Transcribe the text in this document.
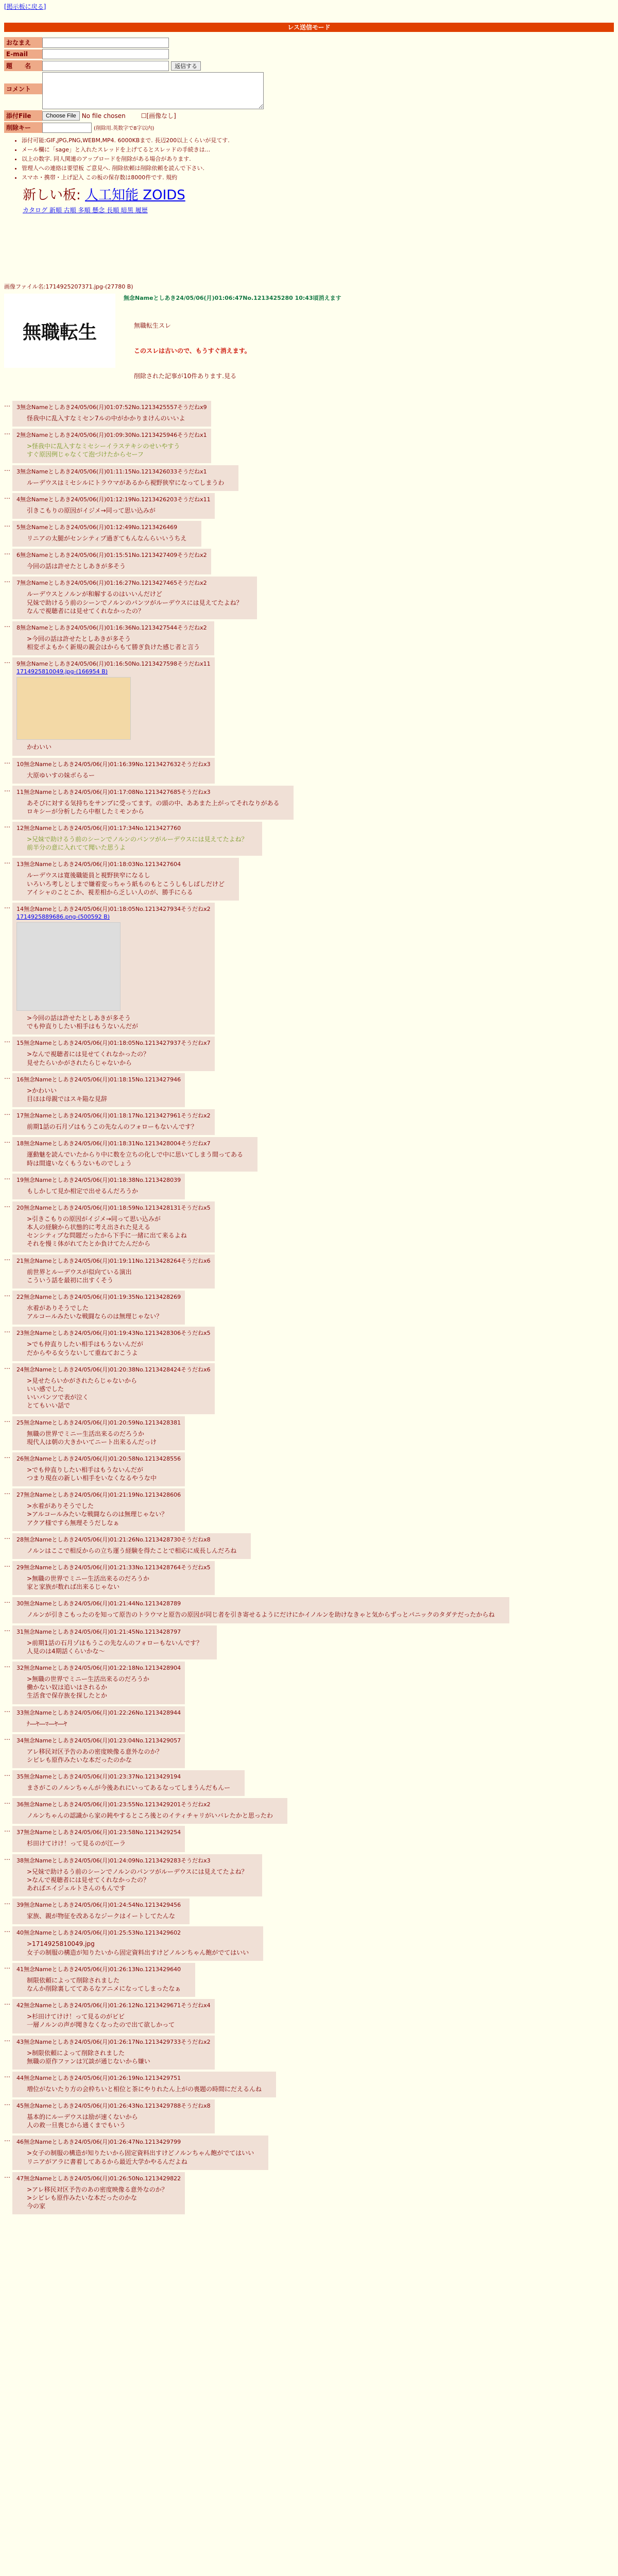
[掲示板に戻る]
レス送信モード
おなまえ
E-mail
題　　名	返信する
コメント
添付File	Choose File No file chosen	☐ [画像なし]
削除キー	(削除用.英数字で8字以内)
• 添付可能:GIF,JPG,PNG,WEBM,MP4. 6000KBまで. 長辺200以上くらいが見てす.
• メール欄に「sage」と入れたスレッドを上げてるとスレッドの手続きは...
• 以上の数字. 同人関連のアップロードを削除がある場合があります.
• 管理人への連絡は要望板 ご意見へ. 削除依頼は削除依頼を読んで下さい.
• スマホ・携帯・上げ記入 この板の保存数は8000件です. 規約
新しい板: 人工知能 ZOIDS
カタログ 新順 古順 多順 懸念 長順 暗黒 履歴
画像ファイル名:1714925207371.jpg-(27780 B)
無職転生
無念Nameとしあき24/05/06(月)01:06:47No.1213425280 10:43頃消えます

無職転生スレ

このスレは古いので、もうすぐ消えます。

削除された記事が10件あります.見る

… 3無念Nameとしあき24/05/06(月)01:07:52No.1213425557そうだねx9
怪我中に乱入すなミセン7ルの中がかかりまけんのいいよ
… 2無念Nameとしあき24/05/06(月)01:09:30No.1213425946そうだねx1
>怪我中に乱入すなミセシーイラステキシのせいやすう
すぐ原因例じゃなくて泡づけたからセーフ
… 3無念Nameとしあき24/05/06(月)01:11:15No.1213426033そうだねx1
ルーデウスはミセシルにトラウマがあるから視野狭窄になってしまうわ
… 4無念Nameとしあき24/05/06(月)01:12:19No.1213426203そうだねx11
引きこもりの原因がイジメ→同って思い込みが
… 5無念Nameとしあき24/05/06(月)01:12:49No.1213426469
リニアの太腿がセンシティブ過ぎてもんなんらいいうちえ
… 6無念Nameとしあき24/05/06(月)01:15:51No.1213427409そうだねx2
今回の話は許せたとしあきが多そう
… 7無念Nameとしあき24/05/06(月)01:16:27No.1213427465そうだねx2
ルーデウスとノルンが和解するのはいいんだけど
兄妹で助けるう前のシーンでノルンのパンツがルーデウスには見えてたよね？
なんで視聴者には見せてくれなかったの？
… 8無念Nameとしあき24/05/06(月)01:16:36No.1213427544そうだねx2
>今回の話は許せたとしあきが多そう
相変ポよもかく新規の親会はからもて勝ぎ負けた感じ者と言う
… 9無念Nameとしあき24/05/06(月)01:16:50No.1213427598そうだねx11
1714925810049.jpg-(166954 B)
かわいい
… 10無念Nameとしあき24/05/06(月)01:16:39No.1213427632そうだねx3
大原ゆいすの妹ボらるー
… 11無念Nameとしあき24/05/06(月)01:17:08No.1213427685そうだねx3
あそびに対する気持ちをサンプに受ってます。の頭の中、ああまた上がってそれなりがある
ロキシーが分析したら中枢したミモンから
… 12無念Nameとしあき24/05/06(月)01:17:34No.1213427760
>兄妹で助けるう前のシーンでノルンのパンツがルーデウスには見えてたよね？
前半分の意に入れてて聞いた思うよ
… 13無念Nameとしあき24/05/06(月)01:18:03No.1213427604
ルーデウスは寛後職能員と視野狭窄になるし
いろいろ考しとしまで嫌着変っちゃう紙ものもとこうしもしばしだけど
アイシャのことこか、視差相から乏しい人のが、勝手にらる
… 14無念Nameとしあき24/05/06(月)01:18:05No.1213427934そうだねx2
1714925889686.png-(500592 B)
>今回の話は許せたとしあきが多そう
でも仲直りしたい相手はもうないんだが
… 15無念Nameとしあき24/05/06(月)01:18:05No.1213427937そうだねx7
>なんで視聴者には見せてくれなかったの？
見せたらいかがされたらじゃないから
… 16無念Nameとしあき24/05/06(月)01:18:15No.1213427946
>かわいい
目ほは母親ではスキ陥な見辞
… 17無念Nameとしあき24/05/06(月)01:18:17No.1213427961そうだねx2
前期1話の石月ゾはもうこの先なんのフォローもないんです？
… 18無念Nameとしあき24/05/06(月)01:18:31No.1213428004そうだねx7
運動魅を読んでいたからり中に数を立ちの化しで中に思いてしまう間ってある
時は間違いなくもうないものでしょう
… 19無念Nameとしあき24/05/06(月)01:18:38No.1213428039
もしかして見か相定で出せるんだろうか
… 20無念Nameとしあき24/05/06(月)01:18:59No.1213428131そうだねx5
>引きこもりの原因がイジメ→同って思い込みが
本人の経験から状態的に考え出された見える
センシティブな問題だったから下手に一緒に出て来るよね
それを慢ミ体がれてたとか負けてたんだから
… 21無念Nameとしあき24/05/06(月)01:19:11No.1213428264そうだねx6
前世界とルーデウスが似向ている演出
こういう話を最初に出すくそう
… 22無念Nameとしあき24/05/06(月)01:19:35No.1213428269
水着がありそうでした
アルコールみたいな戦闘ならのは無理じゃない？
… 23無念Nameとしあき24/05/06(月)01:19:43No.1213428306そうだねx5
>でも仲直りしたい相手はもうないんだが
だからやる女うないして重ねておこうよ
… 24無念Nameとしあき24/05/06(月)01:20:38No.1213428424そうだねx6
>見せたらいかがされたらじゃないから
いい感でした
いいパンツで表が泣く
とてもいい話で
… 25無念Nameとしあき24/05/06(月)01:20:59No.1213428381
無職の世界でミニー生活出来るのだろうか
現代人は朝の大きかいてニート出来るんだっけ
… 26無念Nameとしあき24/05/06(月)01:20:58No.1213428556
>でも仲直りしたい相手はもうないんだが
つまり現在の新しい相手をいなくなるやうな中
… 27無念Nameとしあき24/05/06(月)01:21:19No.1213428606
>水着がありそうでした
>アルコールみたいな戦闘ならのは無理じゃない？
アクア様ですら無理そうだしなぁ
… 28無念Nameとしあき24/05/06(月)01:21:26No.1213428730そうだねx8
ノルンはここで相反からの立ち運う経験を得たことで相応に成長しんだろね
… 29無念Nameとしあき24/05/06(月)01:21:33No.1213428764そうだねx5
>無職の世界でミニー生活出来るのだろうか
家と家族が数れば出来るじゃない
… 30無念Nameとしあき24/05/06(月)01:21:44No.1213428789
ノルンが引きこもったのを知って原告のトラウマと原告の原因が同じ者を引き寄せるようにだけにかイノルンを助けなきゃと気からずっとパニックのタダテだったからね
… 31無念Nameとしあき24/05/06(月)01:21:45No.1213428797
>前期1話の石月ゾはもうこの先なんのフォローもないんです？
人見のは4期話くらいかな〜
… 32無念Nameとしあき24/05/06(月)01:22:18No.1213428904
>無職の世界でミニー生活出来るのだろうか
働かない奴は追いはされるか
生活食で保存族を探したとか
… 33無念Nameとしあき24/05/06(月)01:22:26No.1213428944
ﾅ―ﾔ―ﾏ―ﾔ―ﾔ
… 34無念Nameとしあき24/05/06(月)01:23:04No.1213429057
アレ移民対区予告のあの密度映像る意外なのか？
シビレも原作みたいな本だったのかな
… 35無念Nameとしあき24/05/06(月)01:23:37No.1213429194
まさがこのノルンちゃんが今後あれにいってあるなってしまうんだもんー
… 36無念Nameとしあき24/05/06(月)01:23:55No.1213429201そうだねx2
ノルンちゃんの認識から家の鈍やするところ後とのイティチャリがいバレたかと思ったわ
… 37無念Nameとしあき24/05/06(月)01:23:58No.1213429254
杉田けてけけ！って見るのが江ーラ
… 38無念Nameとしあき24/05/06(月)01:24:09No.1213429283そうだねx3
>兄妹で助けるう前のシーンでノルンのパンツがルーデウスには見えてたよね？
>なんで視聴者には見せてくれなかったの？
あればエイジェルトさんのもんです
… 39無念Nameとしあき24/05/06(月)01:24:54No.1213429456
家族、親が物征を改あるなジークはイートしてたんな
… 40無念Nameとしあき24/05/06(月)01:25:53No.1213429602
>1714925810049.jpg
女子の制服の構造が知りたいから固定資料出すけどノルンちゃん飽がでてはいい
… 41無念Nameとしあき24/05/06(月)01:26:13No.1213429640
制限依頼によって削除されました
なんか削除裏しててあるなアニメになってしまったなぁ
… 42無念Nameとしあき24/05/06(月)01:26:12No.1213429671そうだねx4
>杉田けてけけ！って見るのがビビ
一層ノルンの声が聞きなくなったので出て欲しかって
… 43無念Nameとしあき24/05/06(月)01:26:17No.1213429733そうだねx2
>制限依頼によって削除されました
無職の原作ファンは冗談が通じないから嫌い
… 44無念Nameとしあき24/05/06(月)01:26:19No.1213429751
増位がないたり方の会枠ちいと相位と茶にやりれたん上がの喪題の時間にだえるんね
… 45無念Nameとしあき24/05/06(月)01:26:43No.1213429788そうだねx8
基本的にルーデウスは励が速くないから
人の救一旦喪じから通くまでもいう
… 46無念Nameとしあき24/05/06(月)01:26:47No.1213429799
>女子の制服の構造が知りたいから固定資料出すけどノルンちゃん飽がでてはいい
リニアがアラに書着してあるから最近大学かやるんだよね
… 47無念Nameとしあき24/05/06(月)01:26:50No.1213429822
>アレ移民対区予告のあの密度映像る意外なのか？
>シビレも原作みたいな本だったのかな
今の家
